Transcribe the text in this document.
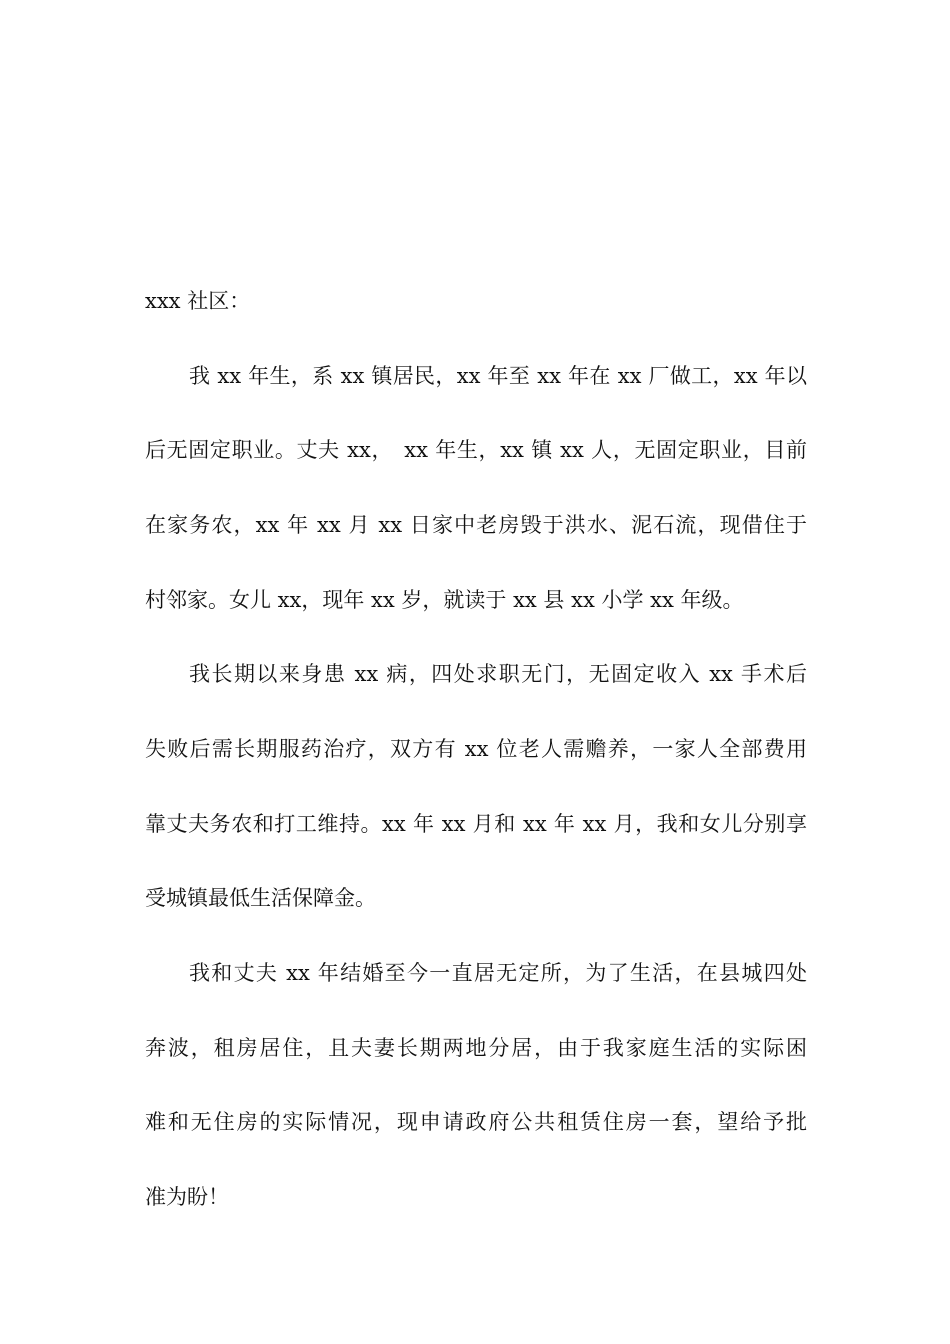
xxx 社区：
我 xx 年生，系 xx 镇居民，xx 年至 xx 年在 xx 厂做工，xx 年以
后无固定职业。丈夫 xx，　xx 年生，xx 镇 xx 人，无固定职业，目前
在家务农，xx 年 xx 月 xx 日家中老房毁于洪水、泥石流，现借住于
村邻家。女儿 xx，现年 xx 岁，就读于 xx 县 xx 小学 xx 年级。
我长期以来身患 xx 病，四处求职无门，无固定收入 xx 手术后
失败后需长期服药治疗，双方有 xx 位老人需赡养，一家人全部费用
靠丈夫务农和打工维持。xx 年 xx 月和 xx 年 xx 月，我和女儿分别享
受城镇最低生活保障金。
我和丈夫 xx 年结婚至今一直居无定所，为了生活，在县城四处
奔波，租房居住，且夫妻长期两地分居，由于我家庭生活的实际困
难和无住房的实际情况，现申请政府公共租赁住房一套，望给予批
准为盼！
